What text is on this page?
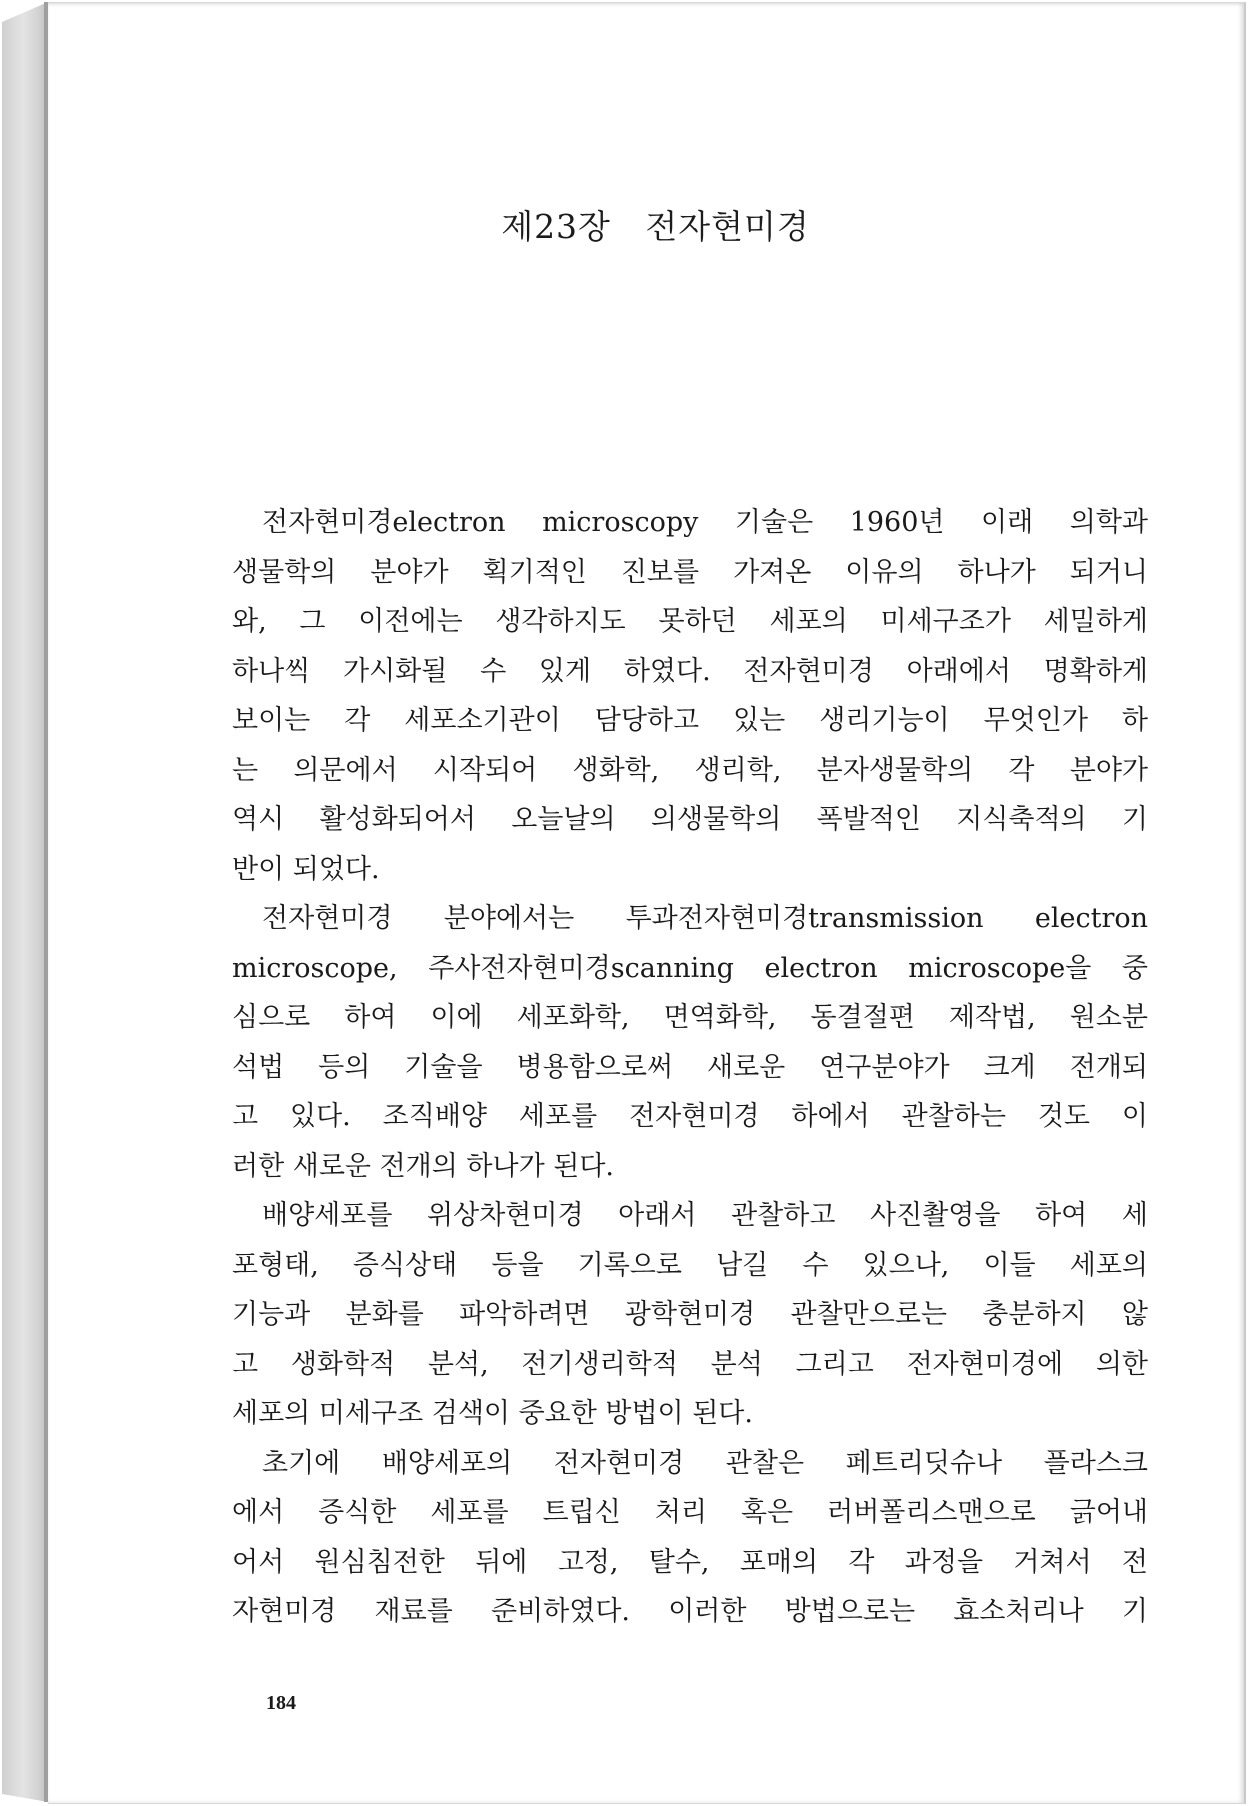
제23장   전자현미경
전자현미경electron microscopy 기술은 1960년 이래 의학과
생물학의 분야가 획기적인 진보를 가져온 이유의 하나가 되거니
와, 그 이전에는 생각하지도 못하던 세포의 미세구조가 세밀하게
하나씩 가시화될 수 있게 하였다. 전자현미경 아래에서 명확하게
보이는 각 세포소기관이 담당하고 있는 생리기능이 무엇인가 하
는 의문에서 시작되어 생화학, 생리학, 분자생물학의 각 분야가
역시 활성화되어서 오늘날의 의생물학의 폭발적인 지식축적의 기
반이 되었다.
전자현미경 분야에서는 투과전자현미경transmission electron
microscope, 주사전자현미경scanning electron microscope을 중
심으로 하여 이에 세포화학, 면역화학, 동결절편 제작법, 원소분
석법 등의 기술을 병용함으로써 새로운 연구분야가 크게 전개되
고 있다. 조직배양 세포를 전자현미경 하에서 관찰하는 것도 이
러한 새로운 전개의 하나가 된다.
배양세포를 위상차현미경 아래서 관찰하고 사진촬영을 하여 세
포형태, 증식상태 등을 기록으로 남길 수 있으나, 이들 세포의
기능과 분화를 파악하려면 광학현미경 관찰만으로는 충분하지 않
고 생화학적 분석, 전기생리학적 분석 그리고 전자현미경에 의한
세포의 미세구조 검색이 중요한 방법이 된다.
초기에 배양세포의 전자현미경 관찰은 페트리딧슈나 플라스크
에서 증식한 세포를 트립신 처리 혹은 러버폴리스맨으로 긁어내
어서 원심침전한 뒤에 고정, 탈수, 포매의 각 과정을 거쳐서 전
자현미경 재료를 준비하였다. 이러한 방법으로는 효소처리나 기
184
